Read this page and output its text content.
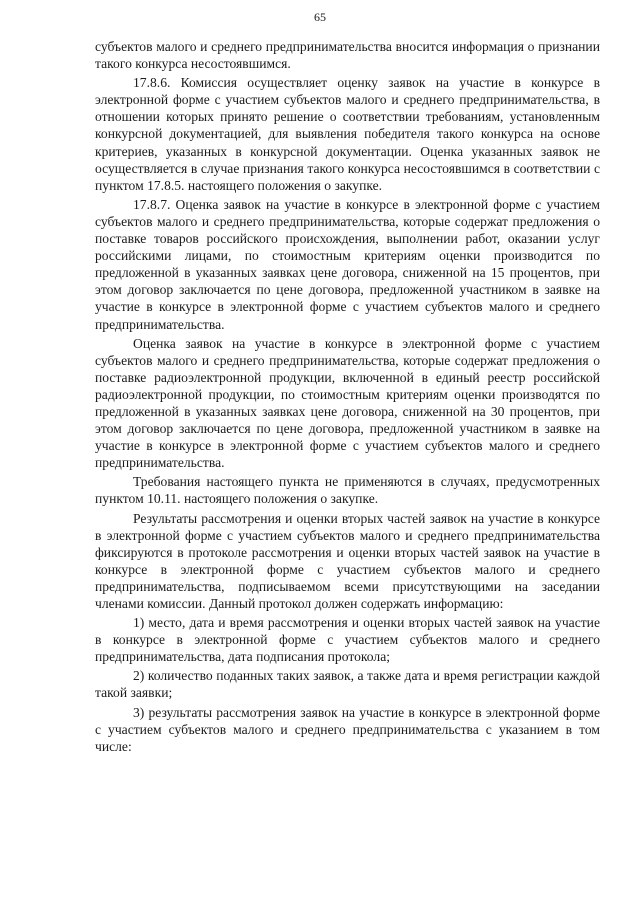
65

субъектов малого и среднего предпринимательства вносится информация о признании такого конкурса несостоявшимся.

17.8.6. Комиссия осуществляет оценку заявок на участие в конкурсе в электронной форме с участием субъектов малого и среднего предпринимательства, в отношении которых принято решение о соответствии требованиям, установленным конкурсной документацией, для выявления победителя такого конкурса на основе критериев, указанных в конкурсной документации. Оценка указанных заявок не осуществляется в случае признания такого конкурса несостоявшимся в соответствии с пунктом 17.8.5. настоящего положения о закупке.

17.8.7. Оценка заявок на участие в конкурсе в электронной форме с участием субъектов малого и среднего предпринимательства, которые содержат предложения о поставке товаров российского происхождения, выполнении работ, оказании услуг российскими лицами, по стоимостным критериям оценки производится по предложенной в указанных заявках цене договора, сниженной на 15 процентов, при этом договор заключается по цене договора, предложенной участником в заявке на участие в конкурсе в электронной форме с участием субъектов малого и среднего предпринимательства.

Оценка заявок на участие в конкурсе в электронной форме с участием субъектов малого и среднего предпринимательства, которые содержат предложения о поставке радиоэлектронной продукции, включенной в единый реестр российской радиоэлектронной продукции, по стоимостным критериям оценки производятся по предложенной в указанных заявках цене договора, сниженной на 30 процентов, при этом договор заключается по цене договора, предложенной участником в заявке на участие в конкурсе в электронной форме с участием субъектов малого и среднего предпринимательства.

Требования настоящего пункта не применяются в случаях, предусмотренных пунктом 10.11. настоящего положения о закупке.

Результаты рассмотрения и оценки вторых частей заявок на участие в конкурсе в электронной форме с участием субъектов малого и среднего предпринимательства фиксируются в протоколе рассмотрения и оценки вторых частей заявок на участие в конкурсе в электронной форме с участием субъектов малого и среднего предпринимательства, подписываемом всеми присутствующими на заседании членами комиссии. Данный протокол должен содержать информацию:

1) место, дата и время рассмотрения и оценки вторых частей заявок на участие в конкурсе в электронной форме с участием субъектов малого и среднего предпринимательства, дата подписания протокола;

2) количество поданных таких заявок, а также дата и время регистрации каждой такой заявки;

3) результаты рассмотрения заявок на участие в конкурсе в электронной форме с участием субъектов малого и среднего предпринимательства с указанием в том числе:
